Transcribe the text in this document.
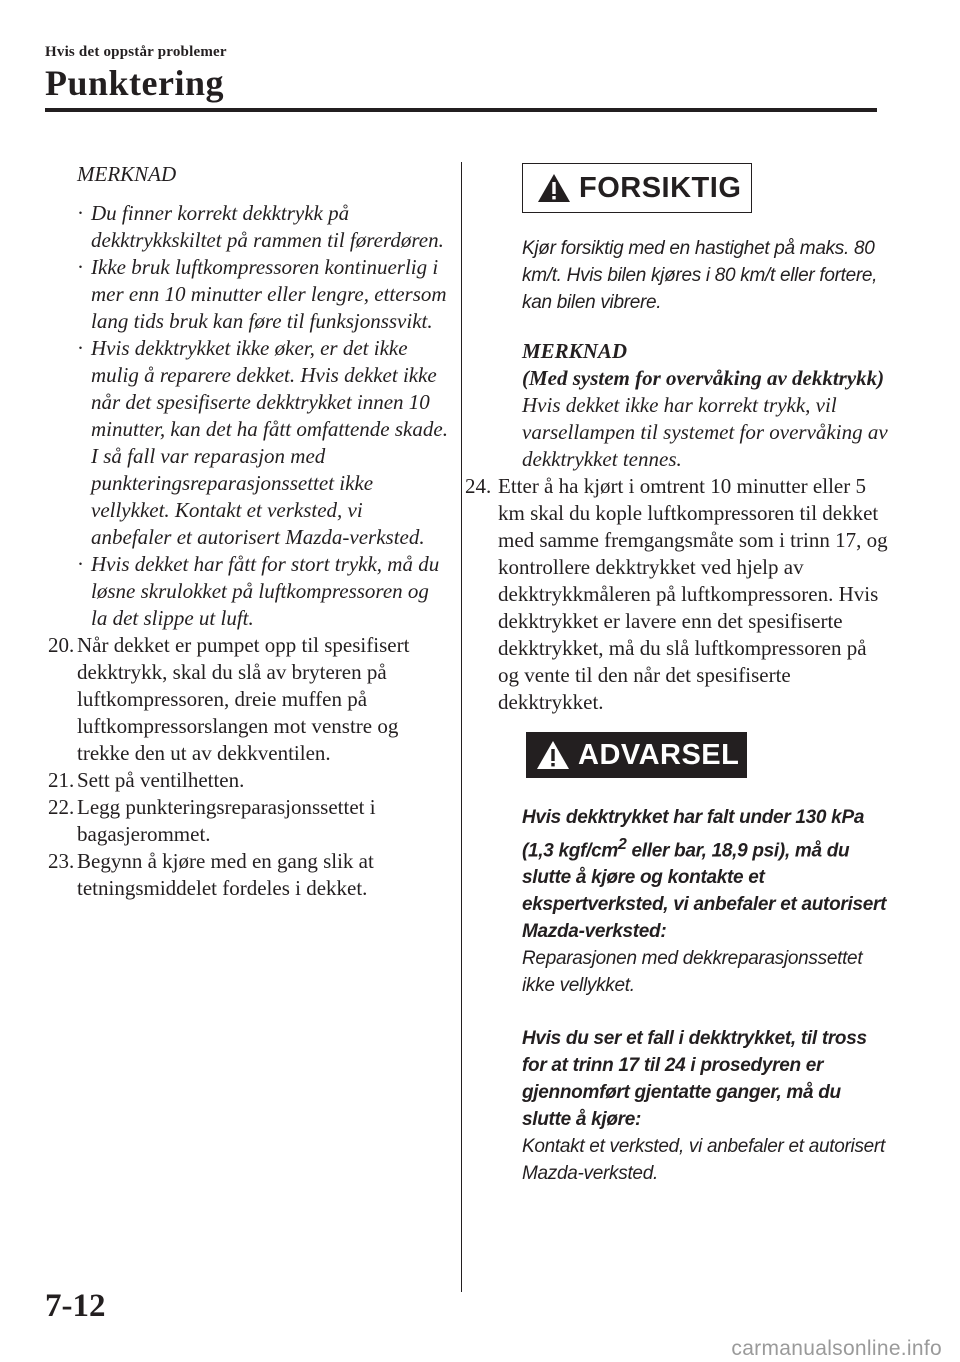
Hvis det oppstår problemer
Punktering
MERKNAD
· Du finner korrekt dekktrykk på dekktrykkskiltet på rammen til førerdøren.
· Ikke bruk luftkompressoren kontinuerlig i mer enn 10 minutter eller lengre, ettersom lang tids bruk kan føre til funksjonssvikt.
· Hvis dekktrykket ikke øker, er det ikke mulig å reparere dekket. Hvis dekket ikke når det spesifiserte dekktrykket innen 10 minutter, kan det ha fått omfattende skade. I så fall var reparasjon med punkteringsreparasjonssettet ikke vellykket. Kontakt et verksted, vi anbefaler et autorisert Mazda-verksted.
· Hvis dekket har fått for stort trykk, må du løsne skrulokket på luftkompressoren og la det slippe ut luft.
20. Når dekket er pumpet opp til spesifisert dekktrykk, skal du slå av bryteren på luftkompressoren, dreie muffen på luftkompressorslangen mot venstre og trekke den ut av dekkventilen.
21. Sett på ventilhetten.
22. Legg punkteringsreparasjonssettet i bagasjerommet.
23. Begynn å kjøre med en gang slik at tetningsmiddelet fordeles i dekket.
FORSIKTIG
Kjør forsiktig med en hastighet på maks. 80 km/t. Hvis bilen kjøres i 80 km/t eller fortere, kan bilen vibrere.
MERKNAD
(Med system for overvåking av dekktrykk)
Hvis dekket ikke har korrekt trykk, vil varsellampen til systemet for overvåking av dekktrykket tennes.
24. Etter å ha kjørt i omtrent 10 minutter eller 5 km skal du kople luftkompressoren til dekket med samme fremgangsmåte som i trinn 17, og kontrollere dekktrykket ved hjelp av dekktrykkmåleren på luftkompressoren. Hvis dekktrykket er lavere enn det spesifiserte dekktrykket, må du slå luftkompressoren på og vente til den når det spesifiserte dekktrykket.
ADVARSEL
Hvis dekktrykket har falt under 130 kPa (1,3 kgf/$cm^2$ eller bar, 18,9 psi), må du slutte å kjøre og kontakte et ekspertverksted, vi anbefaler et autorisert Mazda-verksted:
Reparasjonen med dekkreparasjonssettet ikke vellykket.
Hvis du ser et fall i dekktrykket, til tross for at trinn 17 til 24 i prosedyren er gjennomført gjentatte ganger, må du slutte å kjøre:
Kontakt et verksted, vi anbefaler et autorisert Mazda-verksted.
7-12
carmanualsonline.info
